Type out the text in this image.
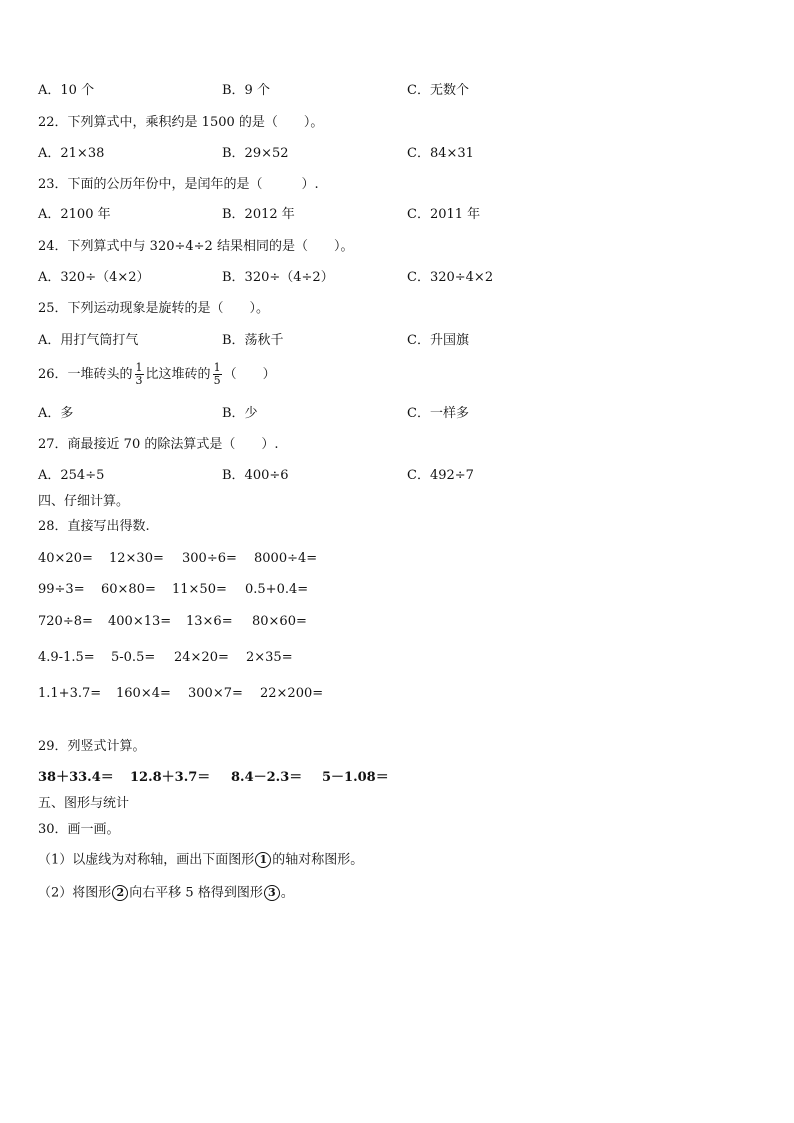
A．10 个	B．9 个	C．无数个
22．下列算式中，乘积约是 1500 的是（　　）。
A．21×38	B．29×52	C．84×31
23．下面的公历年份中，是闰年的是（　　　）.
A．2100 年	B．2012 年	C．2011 年
24．下列算式中与 320÷4÷2 结果相同的是（　　）。
A．320÷（4×2）	B．320÷（4÷2）	C．320÷4×2
25．下列运动现象是旋转的是（　　）。
A．用打气筒打气	B．荡秋千	C．升国旗
26．一堆砖头的 $\frac{1}{3}$ 比这堆砖的 $\frac{1}{5}$ （　　）
A．多	B．少	C．一样多
27．商最接近 70 的除法算式是（　　）.
A．254÷5	B．400÷6	C．492÷7
四、仔细计算。
28．直接写出得数.
40×20= 12×30= 300÷6= 8000÷4=
99÷3= 60×80= 11×50= 0.5+0.4=
720÷8= 400×13= 13×6= 80×60=
4.9-1.5= 5-0.5= 24×20= 2×35=
1.1+3.7= 160×4= 300×7= 22×200=
29．列竖式计算。
38＋33.4＝ 12.8＋3.7＝ 8.4－2.3＝ 5－1.08＝
五、图形与统计
30．画一画。
（1）以虚线为对称轴，画出下面图形 1 的轴对称图形。
（2）将图形 2 向右平移 5 格得到图形 3 。
